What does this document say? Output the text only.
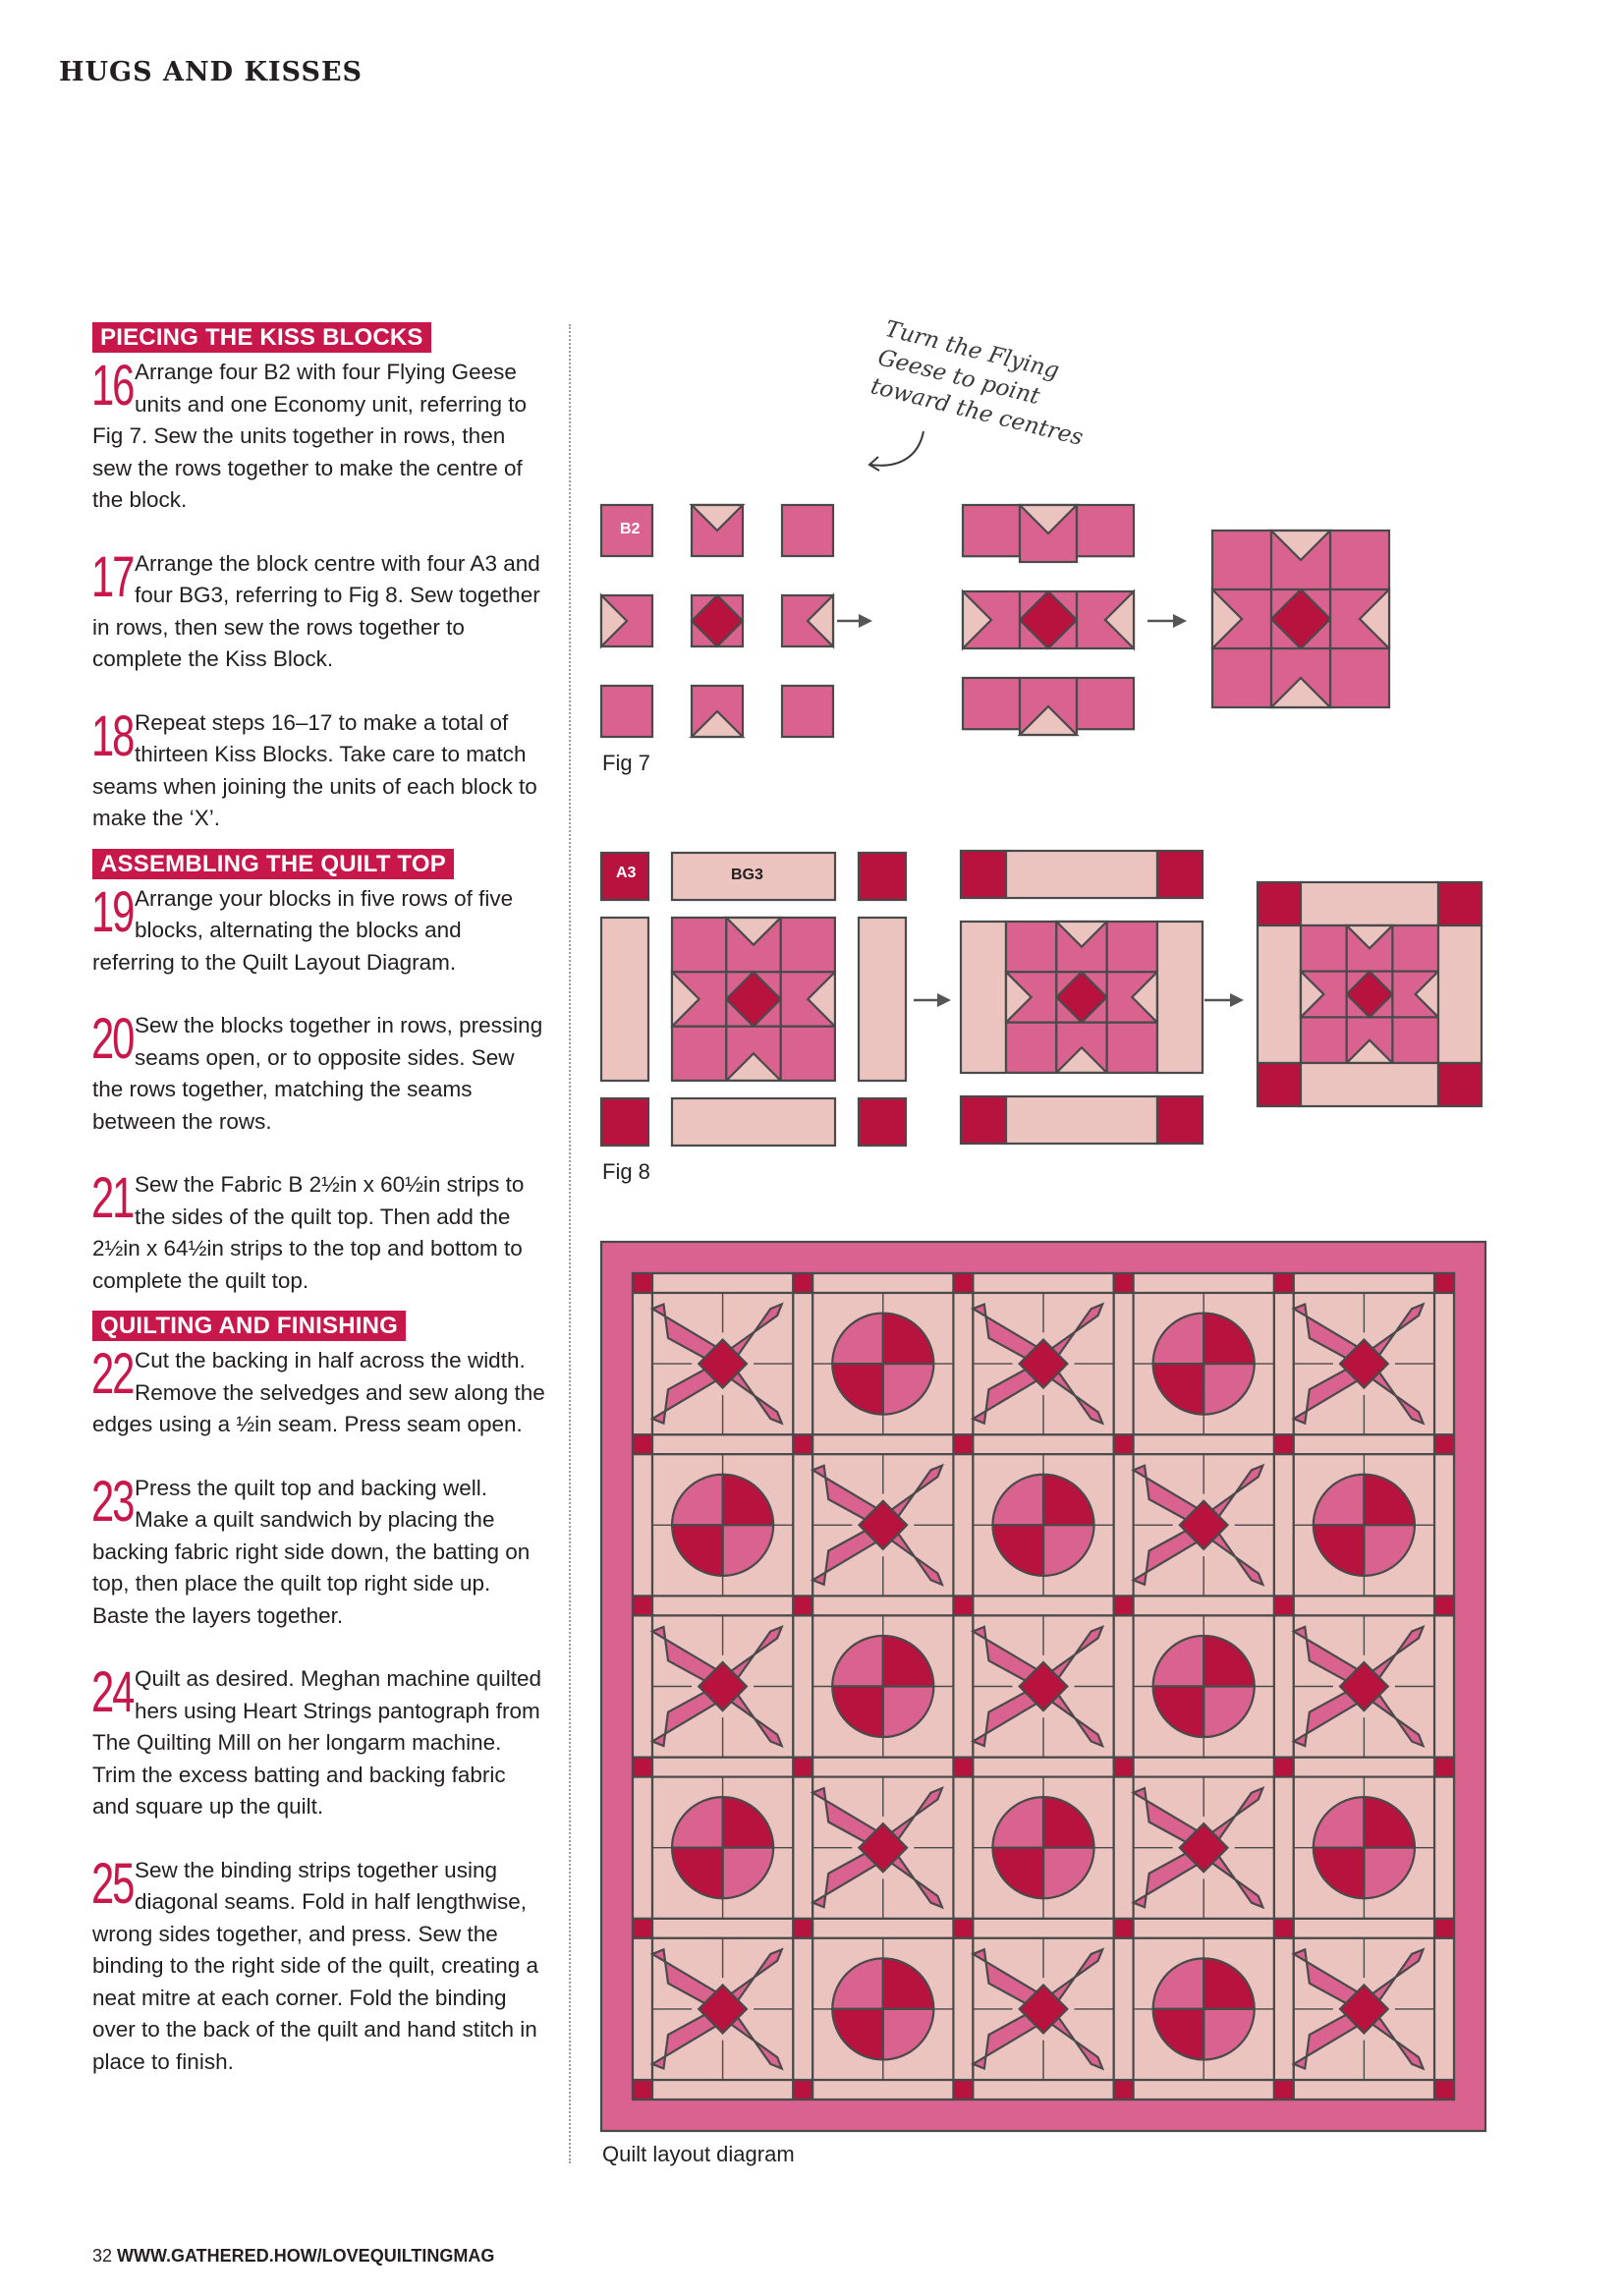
HUGS AND KISSES
PIECING THE KISS BLOCKS

16 Arrange four B2 with four Flying Geese units and one Economy unit, referring to Fig 7. Sew the units together in rows, then sew the rows together to make the centre of the block.

17 Arrange the block centre with four A3 and four BG3, referring to Fig 8. Sew together in rows, then sew the rows together to complete the Kiss Block.

18 Repeat steps 16–17 to make a total of thirteen Kiss Blocks. Take care to match seams when joining the units of each block to make the ‘X’.

ASSEMBLING THE QUILT TOP

19 Arrange your blocks in five rows of five blocks, alternating the blocks and referring to the Quilt Layout Diagram.

20 Sew the blocks together in rows, pressing seams open, or to opposite sides. Sew the rows together, matching the seams between the rows.

21 Sew the Fabric B 2½in x 60½in strips to the sides of the quilt top. Then add the 2½in x 64½in strips to the top and bottom to complete the quilt top.

QUILTING AND FINISHING

22 Cut the backing in half across the width. Remove the selvedges and sew along the edges using a ½in seam. Press seam open.

23 Press the quilt top and backing well. Make a quilt sandwich by placing the backing fabric right side down, the batting on top, then place the quilt top right side up. Baste the layers together.

24 Quilt as desired. Meghan machine quilted hers using Heart Strings pantograph from The Quilting Mill on her longarm machine. Trim the excess batting and backing fabric and square up the quilt.

25 Sew the binding strips together using diagonal seams. Fold in half lengthwise, wrong sides together, and press. Sew the binding to the right side of the quilt, creating a neat mitre at each corner. Fold the binding over to the back of the quilt and hand stitch in place to finish.

Turn the Flying Geese to point toward the centres
B2
Fig 7
A3	BG3
Fig 8
Quilt layout diagram
32 WWW.GATHERED.HOW/LOVEQUILTINGMAG
